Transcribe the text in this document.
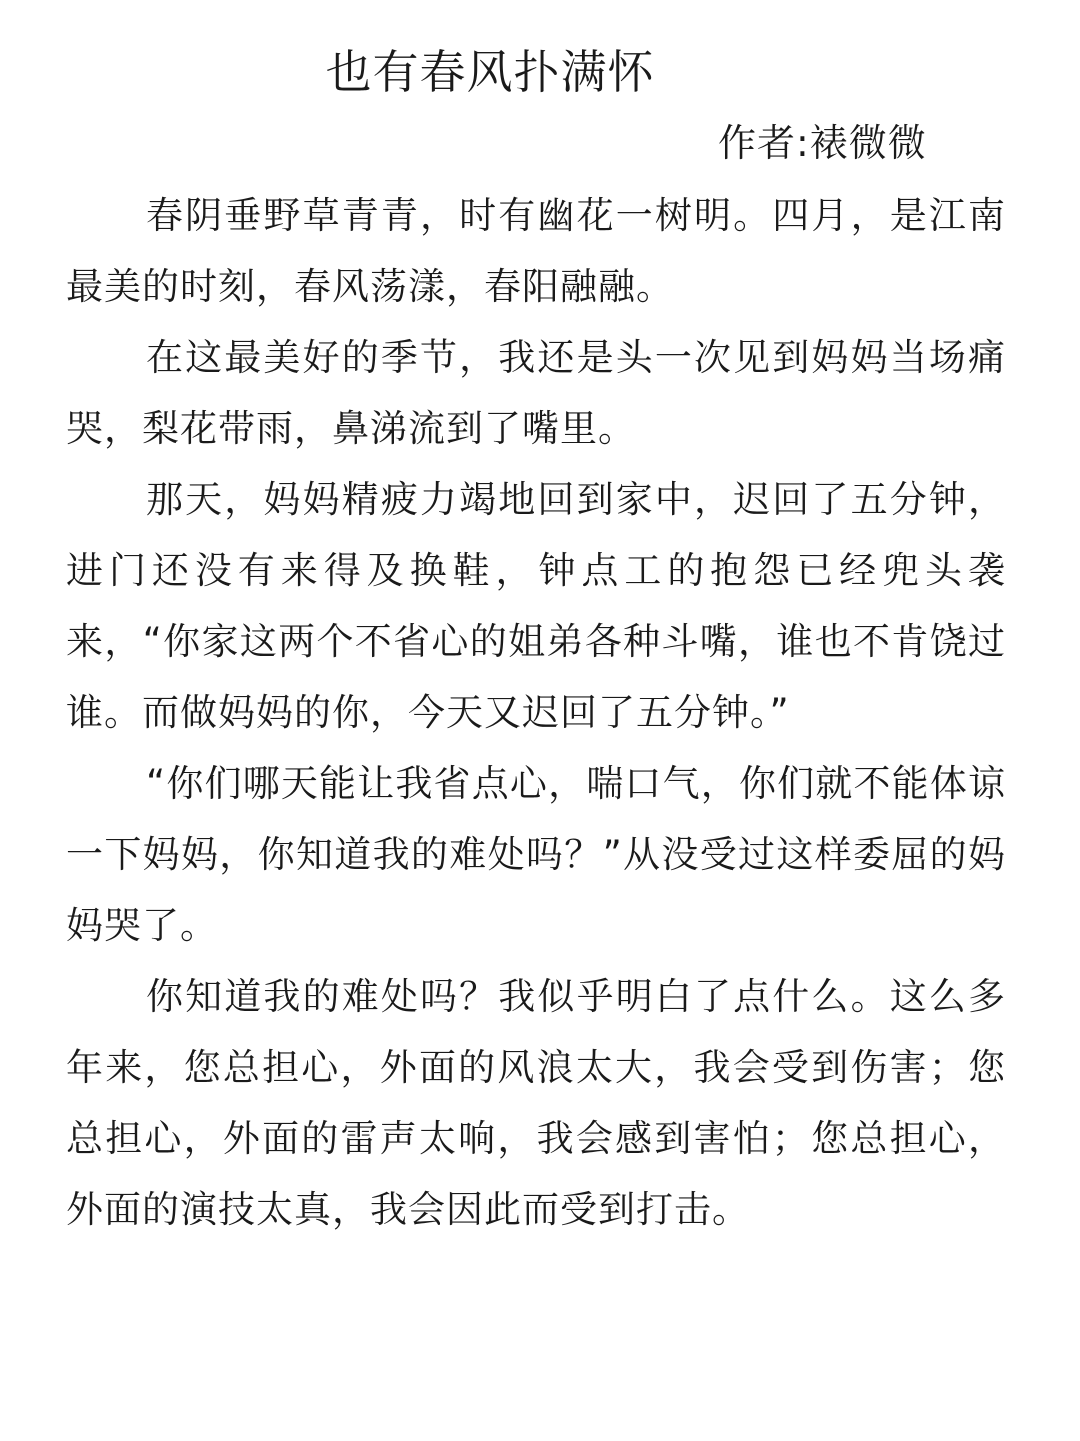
也有春风扑满怀
作者:裱微微

春阴垂野草青青，时有幽花一树明。四月，是江南最美的时刻，春风荡漾，春阳融融。

在这最美好的季节，我还是头一次见到妈妈当场痛哭，梨花带雨，鼻涕流到了嘴里。

那天，妈妈精疲力竭地回到家中，迟回了五分钟，进门还没有来得及换鞋，钟点工的抱怨已经兜头袭来，“你家这两个不省心的姐弟各种斗嘴，谁也不肯饶过谁。而做妈妈的你，今天又迟回了五分钟。”

“你们哪天能让我省点心，喘口气，你们就不能体谅一下妈妈，你知道我的难处吗？”从没受过这样委屈的妈妈哭了。

你知道我的难处吗？我似乎明白了点什么。这么多年来，您总担心，外面的风浪太大，我会受到伤害；您总担心，外面的雷声太响，我会感到害怕；您总担心，外面的演技太真，我会因此而受到打击。
